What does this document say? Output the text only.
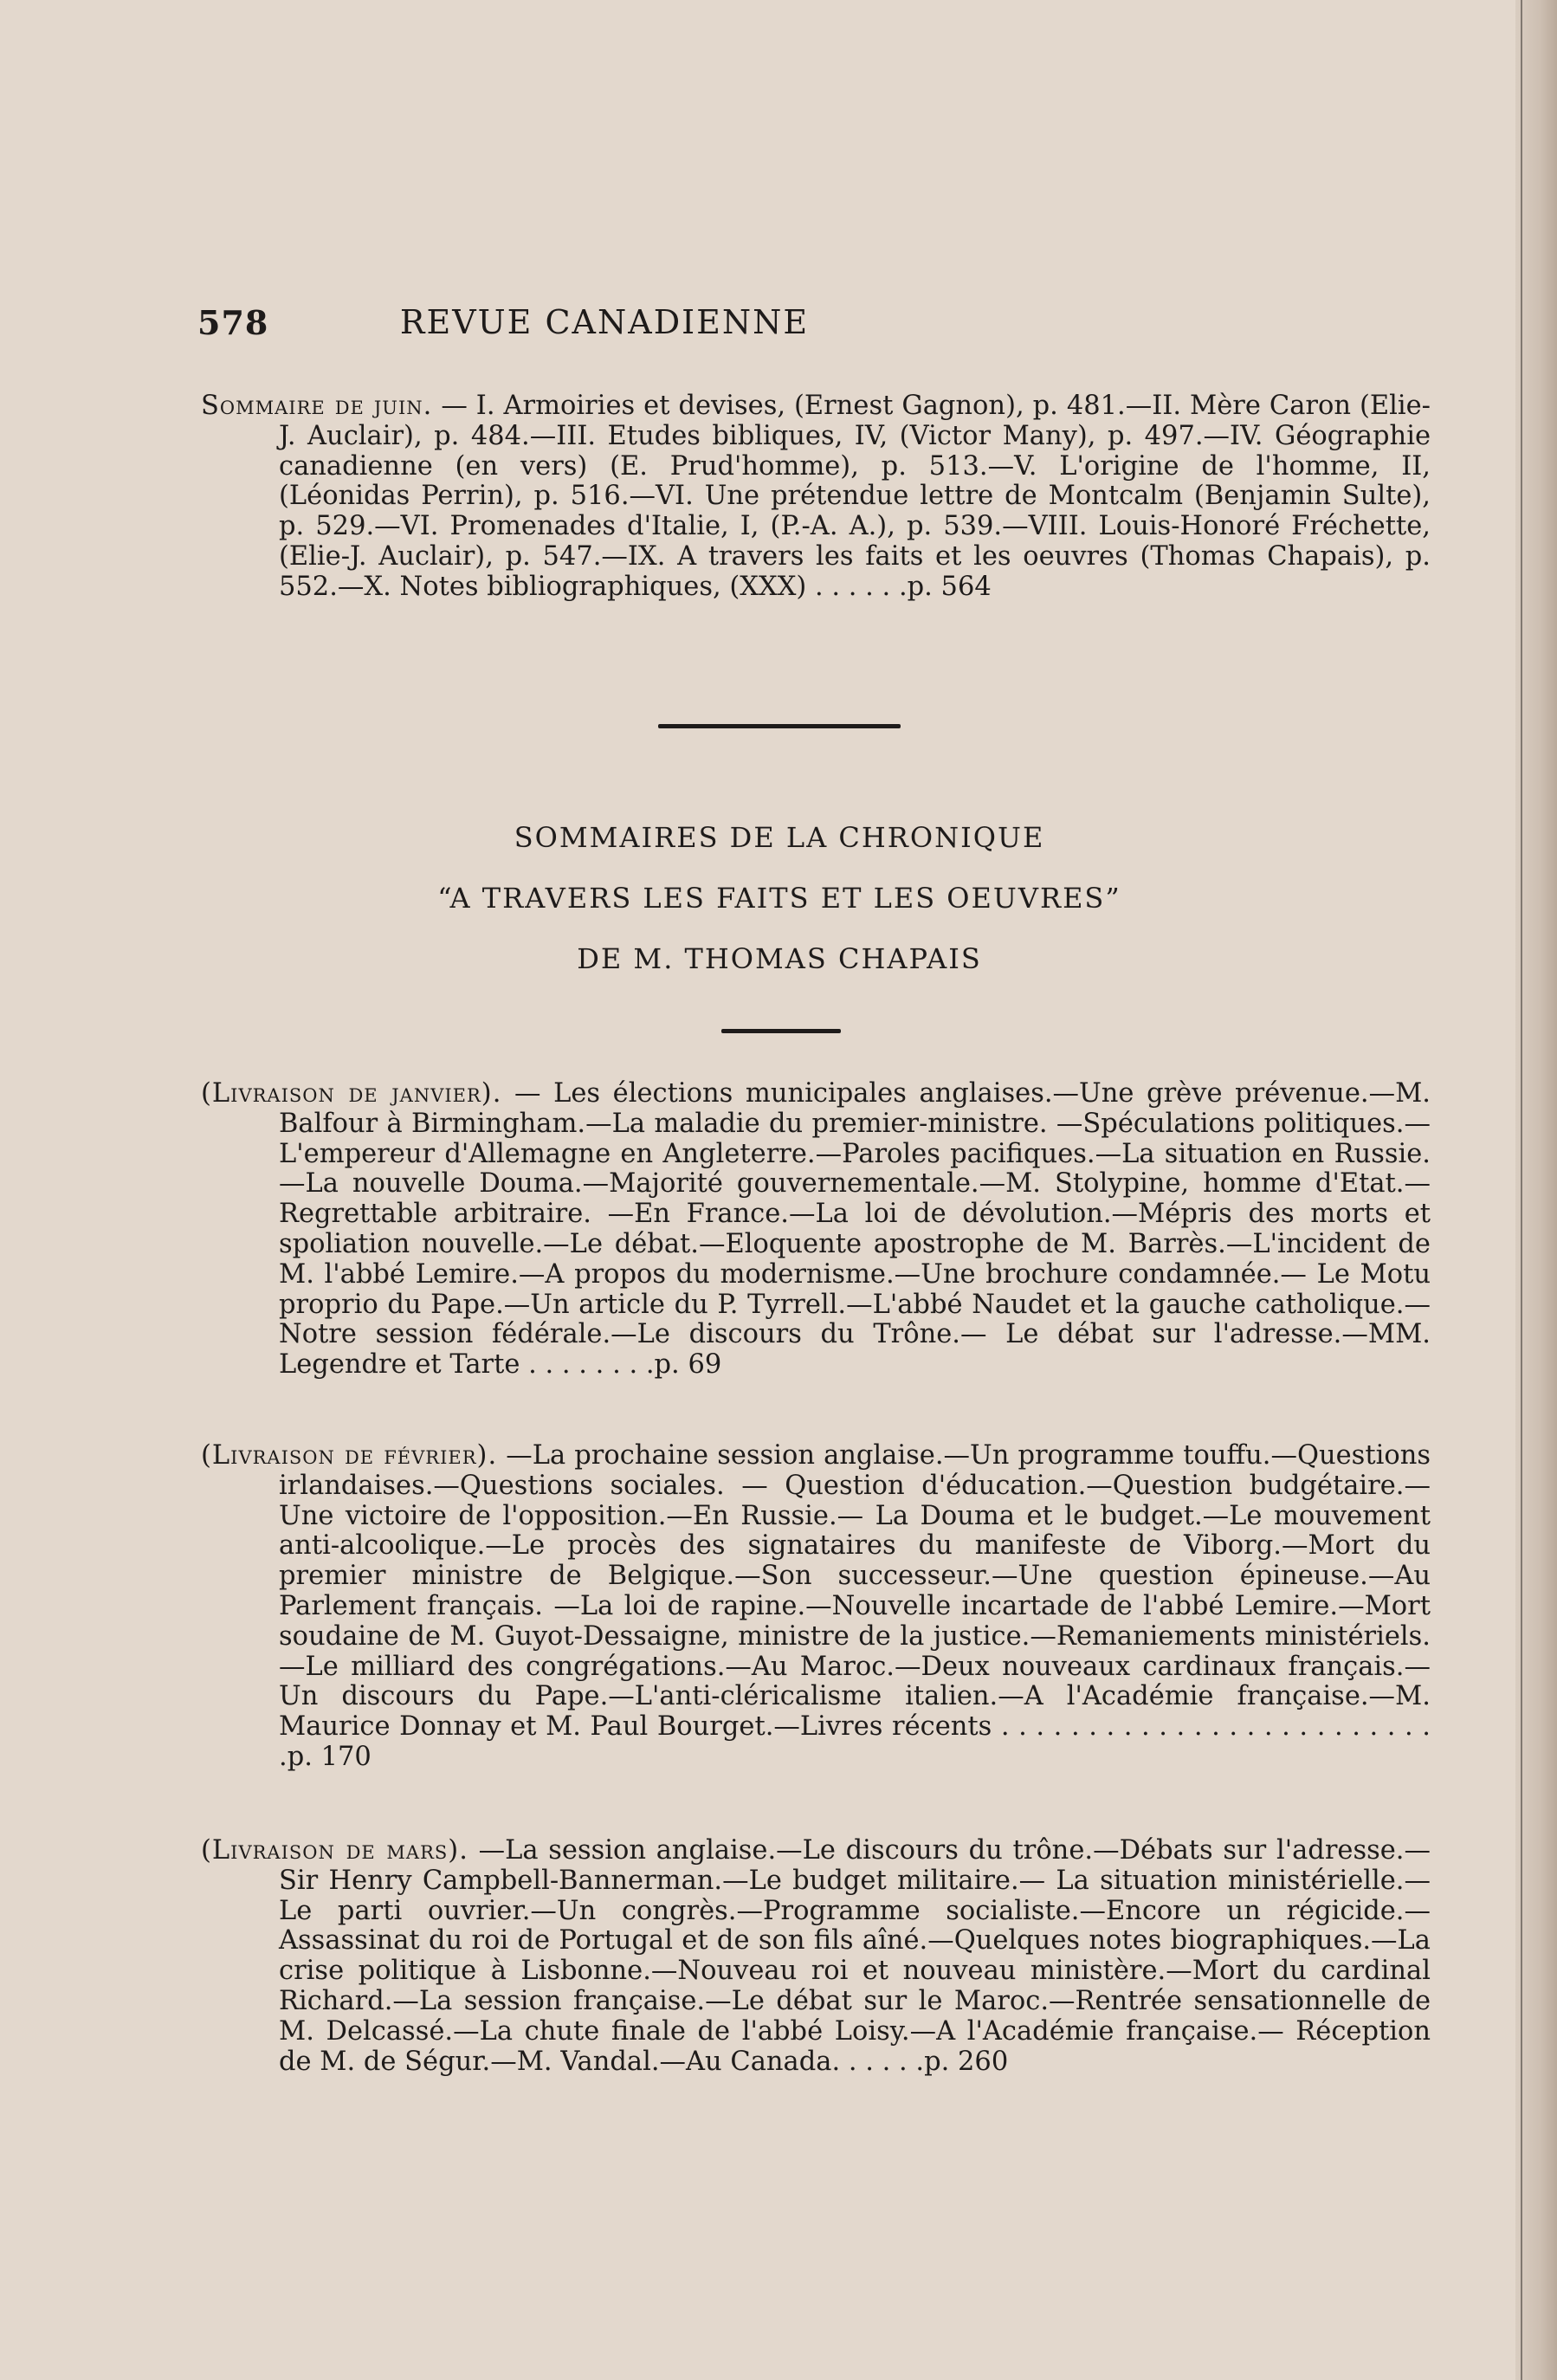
578	REVUE CANADIENNE
Sommaire de juin. — I. Armoiries et devises, (Ernest Gagnon), p. 481.—II. Mère Caron (Elie-J. Auclair), p. 484.—III. Etudes bibliques, IV, (Victor Many), p. 497.—IV. Géographie canadienne (en vers) (E. Prud'homme), p. 513.—V. L'origine de l'homme, II, (Léonidas Perrin), p. 516.—VI. Une prétendue lettre de Montcalm (Benjamin Sulte), p. 529.—VI. Promenades d'Italie, I, (P.-A. A.), p. 539.—VIII. Louis-Honoré Fréchette, (Elie-J. Auclair), p. 547.—IX. A travers les faits et les oeuvres (Thomas Chapais), p. 552.—X. Notes bibliographiques, (XXX) . . . . . .p. 564
SOMMAIRES DE LA CHRONIQUE
“A TRAVERS LES FAITS ET LES OEUVRES”
DE M. THOMAS CHAPAIS
(Livraison de janvier). — Les élections municipales anglaises.—Une grève prévenue.—M. Balfour à Birmingham.—La maladie du premier-ministre. —Spéculations politiques.—L'empereur d'Allemagne en Angleterre.—Paroles pacifiques.—La situation en Russie.—La nouvelle Douma.—Majorité gouvernementale.—M. Stolypine, homme d'Etat.—Regrettable arbitraire. —En France.—La loi de dévolution.—Mépris des morts et spoliation nouvelle.—Le débat.—Eloquente apostrophe de M. Barrès.—L'incident de M. l'abbé Lemire.—A propos du modernisme.—Une brochure condamnée.— Le Motu proprio du Pape.—Un article du P. Tyrrell.—L'abbé Naudet et la gauche catholique.—Notre session fédérale.—Le discours du Trône.— Le débat sur l'adresse.—MM. Legendre et Tarte . . . . . . . .p. 69
(Livraison de février). —La prochaine session anglaise.—Un programme touffu.—Questions irlandaises.—Questions sociales. — Question d'éducation.—Question budgétaire.—Une victoire de l'opposition.—En Russie.— La Douma et le budget.—Le mouvement anti-alcoolique.—Le procès des signataires du manifeste de Viborg.—Mort du premier ministre de Belgique.—Son successeur.—Une question épineuse.—Au Parlement français. —La loi de rapine.—Nouvelle incartade de l'abbé Lemire.—Mort soudaine de M. Guyot-Dessaigne, ministre de la justice.—Remaniements ministériels.—Le milliard des congrégations.—Au Maroc.—Deux nouveaux cardinaux français.—Un discours du Pape.—L'anti-cléricalisme italien.—A l'Académie française.—M. Maurice Donnay et M. Paul Bourget.—Livres récents . . . . . . . . . . . . . . . . . . . . . . . . . .p. 170
(Livraison de mars). —La session anglaise.—Le discours du trône.—Débats sur l'adresse.—Sir Henry Campbell-Bannerman.—Le budget militaire.— La situation ministérielle.—Le parti ouvrier.—Un congrès.—Programme socialiste.—Encore un régicide.—Assassinat du roi de Portugal et de son fils aîné.—Quelques notes biographiques.—La crise politique à Lisbonne.—Nouveau roi et nouveau ministère.—Mort du cardinal Richard.—La session française.—Le débat sur le Maroc.—Rentrée sensationnelle de M. Delcassé.—La chute finale de l'abbé Loisy.—A l'Académie française.— Réception de M. de Ségur.—M. Vandal.—Au Canada. . . . . .p. 260
